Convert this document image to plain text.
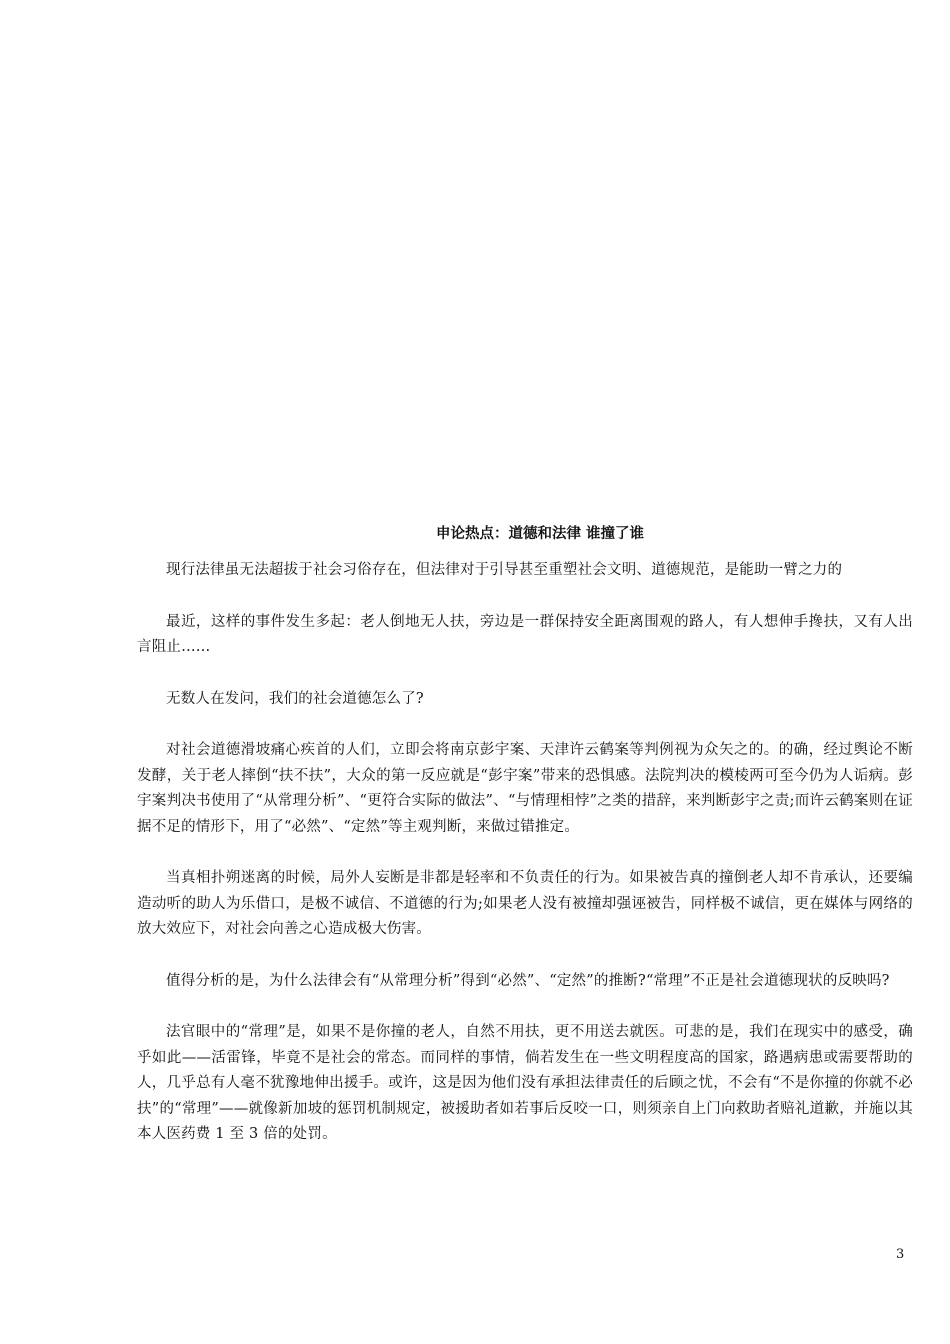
申论热点：道德和法律 谁撞了谁

现行法律虽无法超拔于社会习俗存在，但法律对于引导甚至重塑社会文明、道德规范，是能助一臂之力的

最近，这样的事件发生多起：老人倒地无人扶，旁边是一群保持安全距离围观的路人，有人想伸手搀扶，又有人出言阻止……

无数人在发问，我们的社会道德怎么了?

对社会道德滑坡痛心疾首的人们，立即会将南京彭宇案、天津许云鹤案等判例视为众矢之的。的确，经过舆论不断发酵，关于老人摔倒“扶不扶”，大众的第一反应就是“彭宇案”带来的恐惧感。法院判决的模棱两可至今仍为人诟病。彭宇案判决书使用了“从常理分析”、“更符合实际的做法”、“与情理相悖”之类的措辞，来判断彭宇之责;而许云鹤案则在证据不足的情形下，用了“必然”、“定然”等主观判断，来做过错推定。

当真相扑朔迷离的时候，局外人妄断是非都是轻率和不负责任的行为。如果被告真的撞倒老人却不肯承认，还要编造动听的助人为乐借口，是极不诚信、不道德的行为;如果老人没有被撞却强诬被告，同样极不诚信，更在媒体与网络的放大效应下，对社会向善之心造成极大伤害。

值得分析的是，为什么法律会有“从常理分析”得到“必然”、“定然”的推断?“常理”不正是社会道德现状的反映吗?

法官眼中的“常理”是，如果不是你撞的老人，自然不用扶，更不用送去就医。可悲的是，我们在现实中的感受，确乎如此——活雷锋，毕竟不是社会的常态。而同样的事情，倘若发生在一些文明程度高的国家，路遇病患或需要帮助的人，几乎总有人毫不犹豫地伸出援手。或许，这是因为他们没有承担法律责任的后顾之忧，不会有“不是你撞的你就不必扶”的“常理”——就像新加坡的惩罚机制规定，被援助者如若事后反咬一口，则须亲自上门向救助者赔礼道歉，并施以其本人医药费 1 至 3 倍的处罚。

3
